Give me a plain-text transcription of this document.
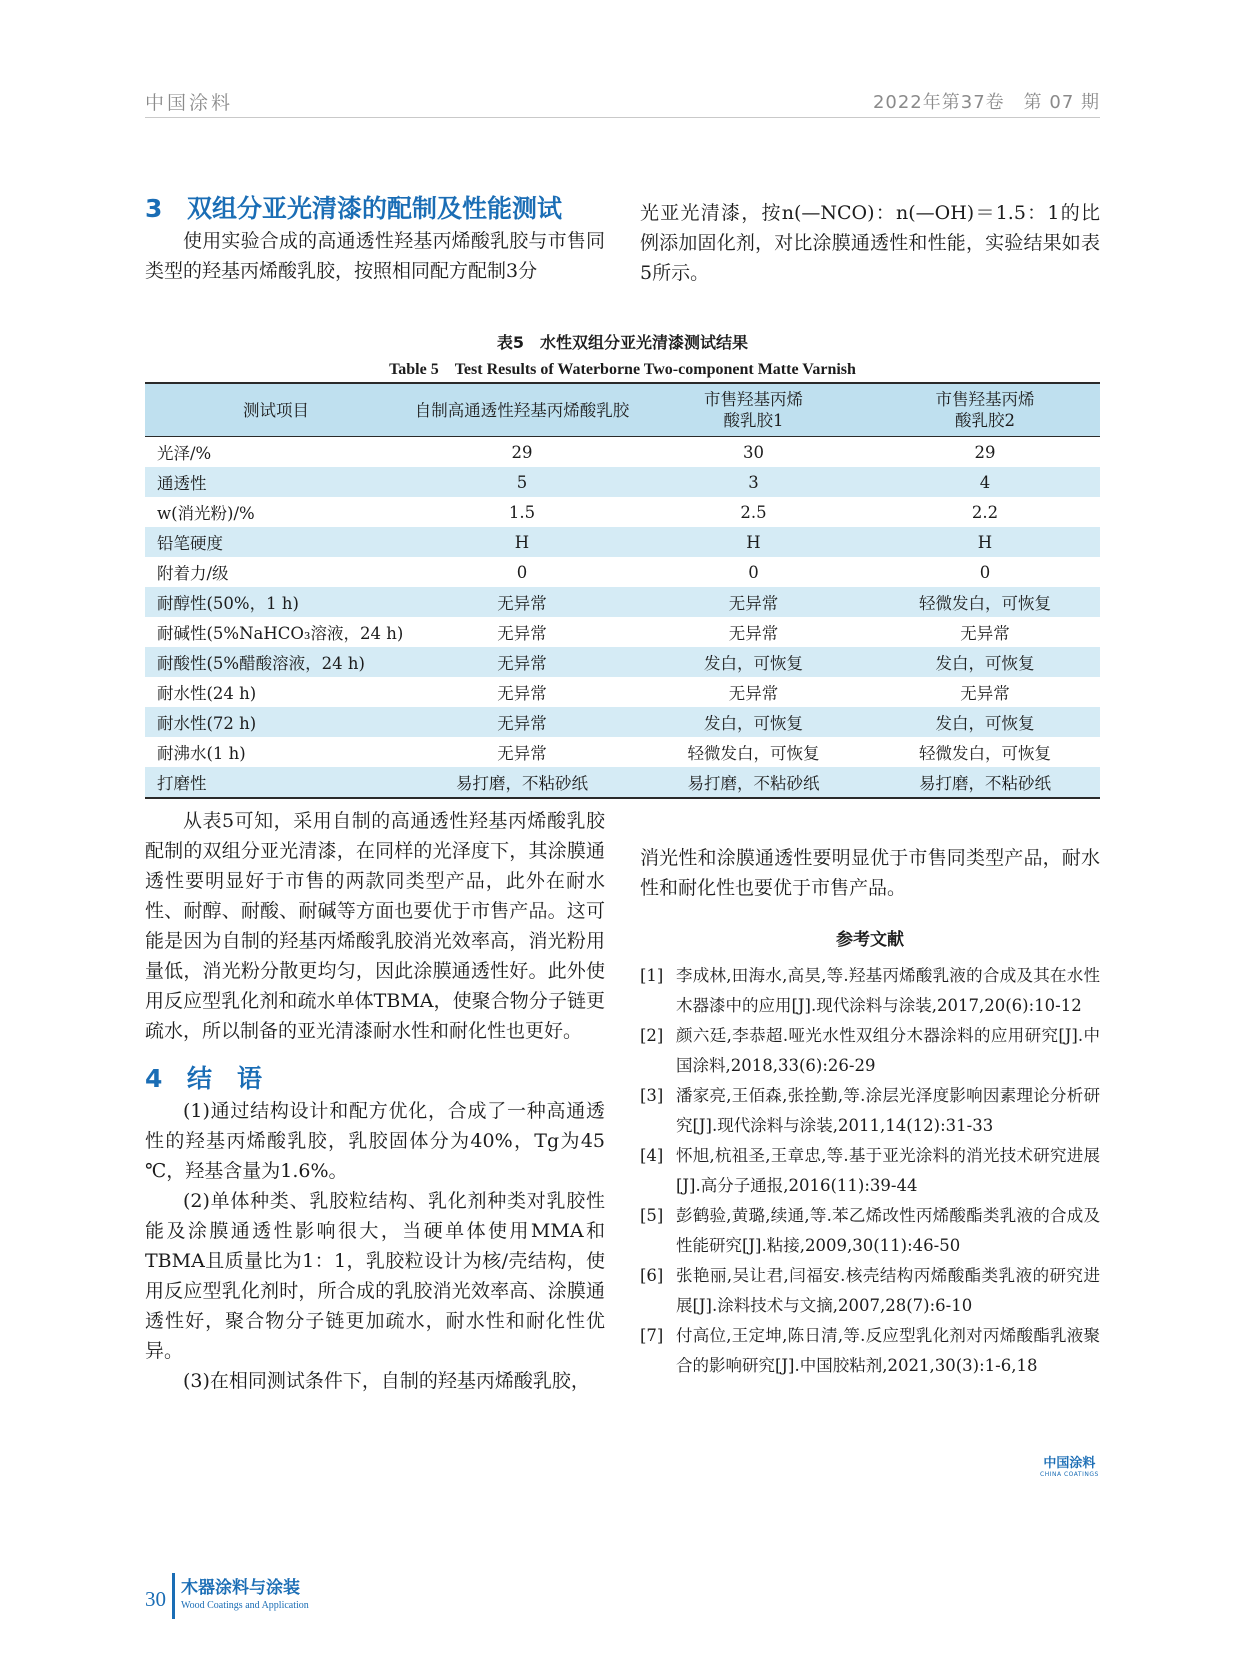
中国涂料	2022年第37卷　第 07 期
3 双组分亚光清漆的配制及性能测试

使用实验合成的高通透性羟基丙烯酸乳胶与市售同类型的羟基丙烯酸乳胶，按照相同配方配制3分

光亚光清漆，按n(—NCO)：n(—OH)＝1.5：1的比例添加固化剂，对比涂膜通透性和性能，实验结果如表5所示。

表5　水性双组分亚光清漆测试结果
Table 5　Test Results of Waterborne Two-component Matte Varnish
测试项目	自制高通透性羟基丙烯酸乳胶	市售羟基丙烯酸乳胶1	市售羟基丙烯酸乳胶2

光泽/%	29	30	29
通透性	5	3	4
w(消光粉)/%	1.5	2.5	2.2
铅笔硬度	H	H	H
附着力/级	0	0	0
耐醇性(50%，1 h)	无异常	无异常	轻微发白，可恢复
耐碱性(5%NaHCO₃溶液，24 h)	无异常	无异常	无异常
耐酸性(5%醋酸溶液，24 h)	无异常	发白，可恢复	发白，可恢复
耐水性(24 h)	无异常	无异常	无异常
耐水性(72 h)	无异常	发白，可恢复	发白，可恢复
耐沸水(1 h)	无异常	轻微发白，可恢复	轻微发白，可恢复
打磨性	易打磨，不粘砂纸	易打磨，不粘砂纸	易打磨，不粘砂纸

从表5可知，采用自制的高通透性羟基丙烯酸乳胶配制的双组分亚光清漆，在同样的光泽度下，其涂膜通透性要明显好于市售的两款同类型产品，此外在耐水性、耐醇、耐酸、耐碱等方面也要优于市售产品。这可能是因为自制的羟基丙烯酸乳胶消光效率高，消光粉用量低，消光粉分散更均匀，因此涂膜通透性好。此外使用反应型乳化剂和疏水单体TBMA，使聚合物分子链更疏水，所以制备的亚光清漆耐水性和耐化性也更好。

4 结　语

(1)通过结构设计和配方优化，合成了一种高通透性的羟基丙烯酸乳胶，乳胶固体分为40%，Tg为45 ℃，羟基含量为1.6%。

(2)单体种类、乳胶粒结构、乳化剂种类对乳胶性能及涂膜通透性影响很大，当硬单体使用MMA和TBMA且质量比为1：1，乳胶粒设计为核/壳结构，使用反应型乳化剂时，所合成的乳胶消光效率高、涂膜通透性好，聚合物分子链更加疏水，耐水性和耐化性优异。

(3)在相同测试条件下，自制的羟基丙烯酸乳胶，

消光性和涂膜通透性要明显优于市售同类型产品，耐水性和耐化性也要优于市售产品。

参考文献
[1] 李成林,田海水,高昊,等.羟基丙烯酸乳液的合成及其在水性木器漆中的应用[J].现代涂料与涂装,2017,20(6):10-12
[2] 颜六廷,李恭超.哑光水性双组分木器涂料的应用研究[J].中国涂料,2018,33(6):26-29
[3] 潘家亮,王佰森,张拴勤,等.涂层光泽度影响因素理论分析研究[J].现代涂料与涂装,2011,14(12):31-33
[4] 怀旭,杭祖圣,王章忠,等.基于亚光涂料的消光技术研究进展[J].高分子通报,2016(11):39-44
[5] 彭鹤验,黄璐,续通,等.苯乙烯改性丙烯酸酯类乳液的合成及性能研究[J].粘接,2009,30(11):46-50
[6] 张艳丽,吴让君,闫福安.核壳结构丙烯酸酯类乳液的研究进展[J].涂料技术与文摘,2007,28(7):6-10
[7] 付高位,王定坤,陈日清,等.反应型乳化剂对丙烯酸酯乳液聚合的影响研究[J].中国胶粘剂,2021,30(3):1-6,18
中国涂料
CHINA COATINGS
30 木器涂料与涂装
Wood Coatings and Application
